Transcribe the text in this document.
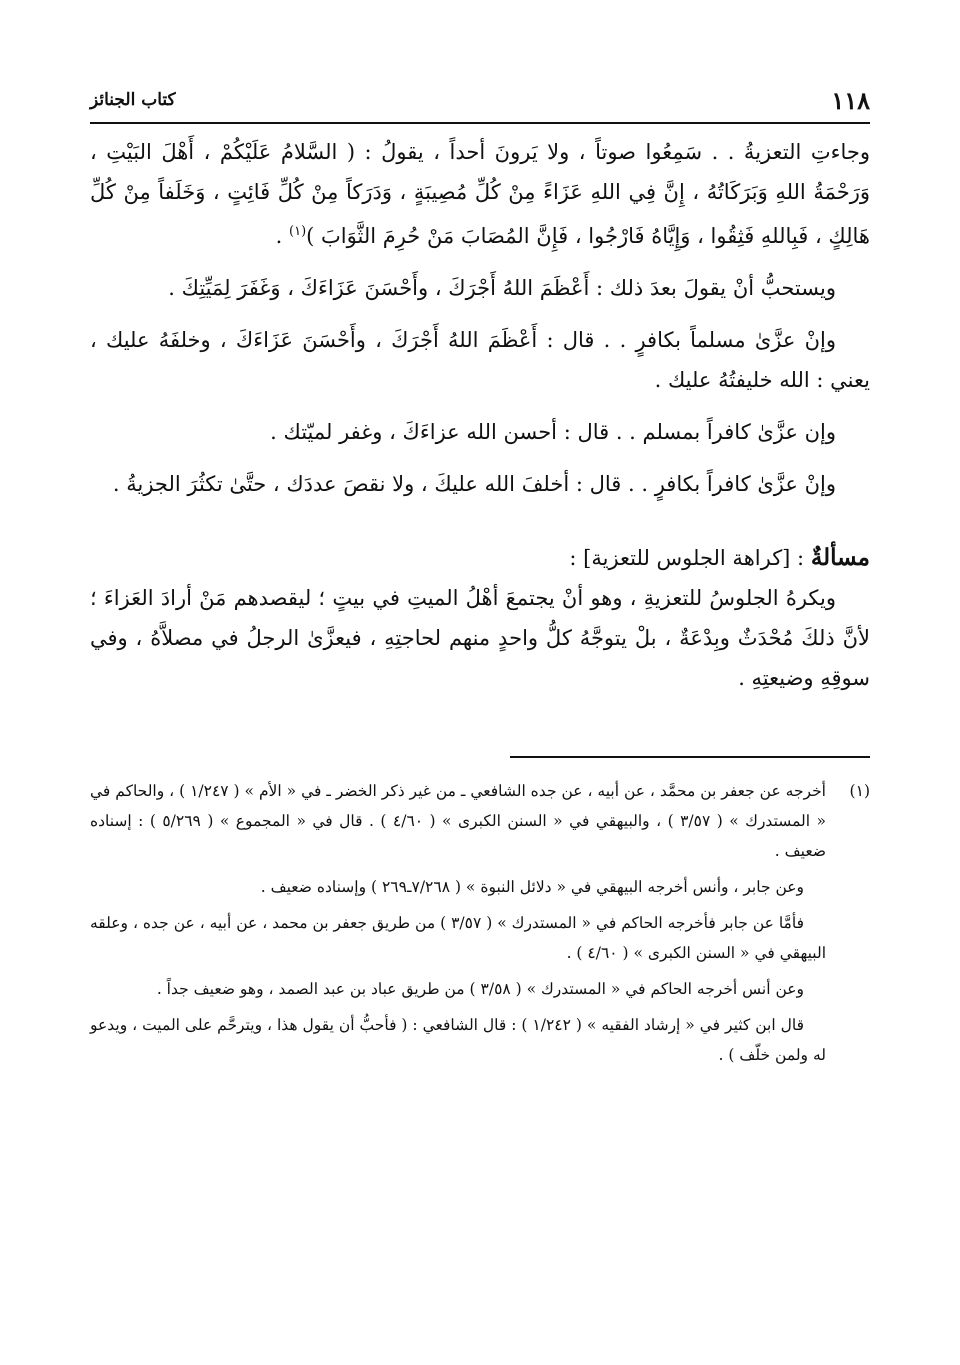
١١٨
كتاب الجنائز

وجاءتِ التعزيةُ . . سَمِعُوا صوتاً ، ولا يَرونَ أحداً ، يقولُ : ( السَّلامُ عَلَيْكُمْ ، أَهْلَ البَيْتِ ، وَرَحْمَةُ اللهِ وَبَرَكَاتُهُ ، إِنَّ فِي اللهِ عَزَاءً مِنْ كُلِّ مُصِيبَةٍ ، وَدَرَكاً مِنْ كُلِّ فَائِتٍ ، وَخَلَفاً مِنْ كُلِّ هَالِكٍ ، فَبِاللهِ فَثِقُوا ، وَإِيَّاهُ فَارْجُوا ، فَإِنَّ المُصَابَ مَنْ حُرِمَ الثَّوَابَ )$^{(١)}$ .

ويستحبُّ أنْ يقولَ بعدَ ذلك : أَعْظَمَ اللهُ أَجْرَكَ ، وأَحْسَنَ عَزَاءَكَ ، وَغَفَرَ لِمَيِّتِكَ .

وإنْ عزَّىٰ مسلماً بكافرٍ . . قال : أَعْظَمَ اللهُ أَجْرَكَ ، وأَحْسَنَ عَزَاءَكَ ، وخلفَهُ عليك ، يعني : الله خليفتُهُ عليك .

وإن عزَّىٰ كافراً بمسلم . . قال : أحسن الله عزاءَكَ ، وغفر لميّتك .

وإنْ عزَّىٰ كافراً بكافرٍ . . قال : أخلفَ الله عليكَ ، ولا نقصَ عددَك ، حتَّىٰ تكثُرَ الجزيةُ .

مسألةٌ : [كراهة الجلوس للتعزية] :

ويكرهُ الجلوسُ للتعزيةِ ، وهو أنْ يجتمعَ أهْلُ الميتِ في بيتٍ ؛ ليقصدهم مَنْ أرادَ العَزاءَ ؛ لأنَّ ذلكَ مُحْدَثٌ وبِدْعَةٌ ، بلْ يتوجَّهُ كلُّ واحدٍ منهم لحاجتِهِ ، فيعزَّىٰ الرجلُ في مصلاَّهُ ، وفي سوقِهِ وضيعتِهِ .

(١)

أخرجه عن جعفر بن محمَّد ، عن أبيه ، عن جده الشافعي ـ من غير ذكر الخضر ـ في « الأم » ( ١/٢٤٧ ) ، والحاكم في « المستدرك » ( ٣/٥٧ ) ، والبيهقي في « السنن الكبرى » ( ٤/٦٠ ) . قال في « المجموع » ( ٥/٢٦٩ ) : إسناده ضعيف .

وعن جابر ، وأنس أخرجه البيهقي في « دلائل النبوة » ( ٧/٢٦٨ـ٢٦٩ ) وإسناده ضعيف .

فأمَّا عن جابر فأخرجه الحاكم في « المستدرك » ( ٣/٥٧ ) من طريق جعفر بن محمد ، عن أبيه ، عن جده ، وعلقه البيهقي في « السنن الكبرى » ( ٤/٦٠ ) .

وعن أنس أخرجه الحاكم في « المستدرك » ( ٣/٥٨ ) من طريق عباد بن عبد الصمد ، وهو ضعيف جداً .

قال ابن كثير في « إرشاد الفقيه » ( ١/٢٤٢ ) : قال الشافعي : ( فأحبُّ أن يقول هذا ، ويترحَّم على الميت ، ويدعو له ولمن خلّف ) .
